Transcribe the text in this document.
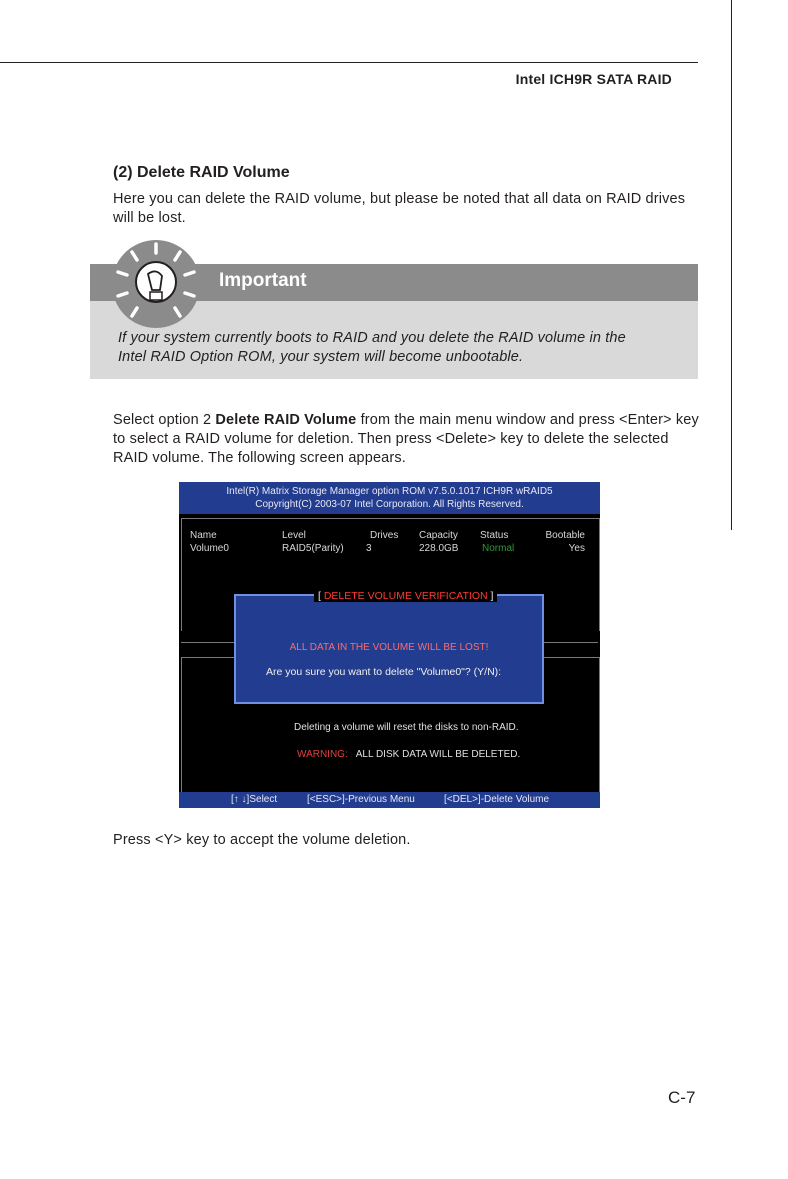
Intel ICH9R SATA RAID
(2) Delete RAID Volume
Here you can delete the RAID volume, but please be noted that all data on RAID drives will be lost.
Important
If your system currently boots to RAID and you delete the RAID volume in the
Intel RAID Option ROM, your system will become unbootable.
Select option 2 Delete RAID Volume from the main menu window and press <Enter> key to select a RAID volume for deletion. Then press <Delete> key to delete the selected RAID volume. The following screen appears.
Intel(R) Matrix Storage Manager option ROM v7.5.0.1017 ICH9R wRAID5
Copyright(C) 2003-07 Intel Corporation. All Rights Reserved.
Name	Level	Drives Capacity Status	Bootable
Volume0	RAID5(Parity) 3	228.0GB Normal	Yes
ALL DATA IN THE VOLUME WILL BE LOST!
Are you sure you want to delete "Volume0"? (Y/N):
[ DELETE VOLUME VERIFICATION ]
Deleting a volume will reset the disks to non-RAID.
WARNING: ALL DISK DATA WILL BE DELETED.
[↑ ↓]Select	[<ESC>]-Previous Menu	[<DEL>]-Delete Volume
Press <Y> key to accept the volume deletion.
C-7
